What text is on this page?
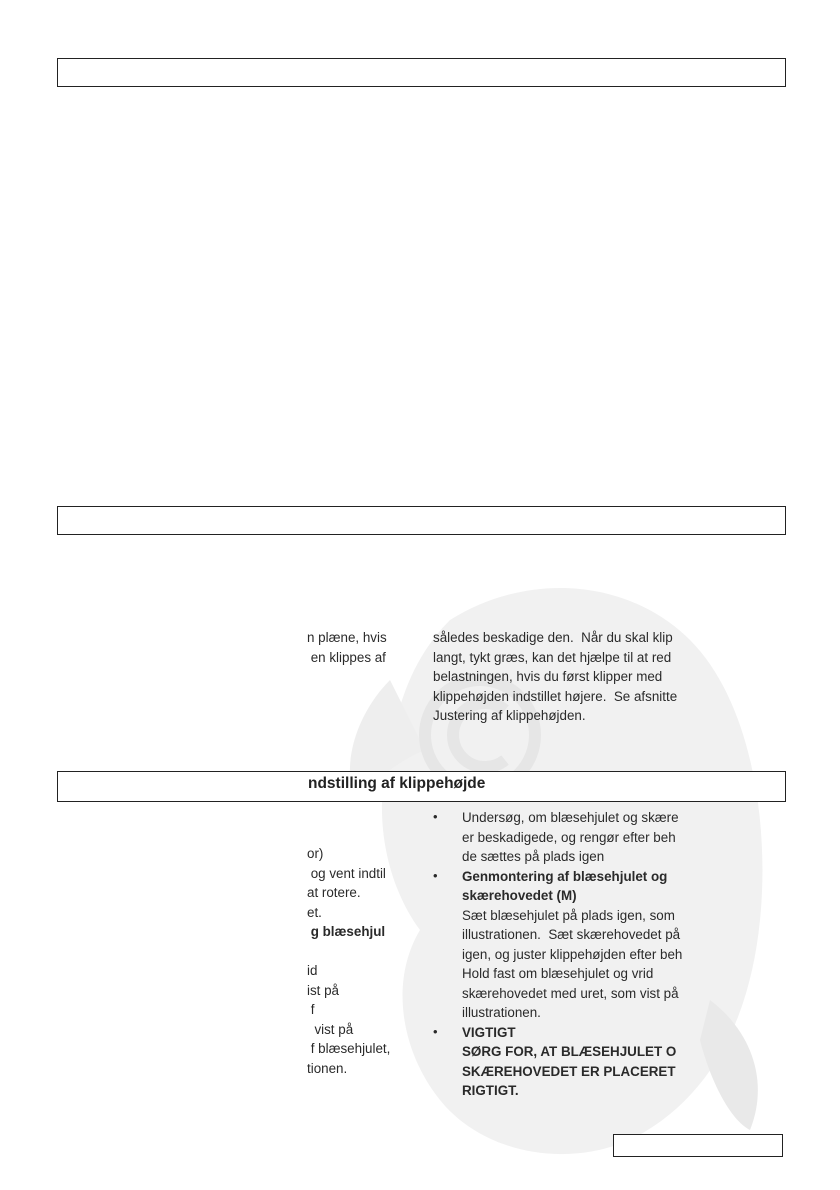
n plæne, hvis
en klippes af
således beskadige den.  Når du skal klip
langt, tykt græs, kan det hjælpe til at red
belastningen, hvis du først klipper med
klippehøjden indstillet højere.  Se afsnitte
Justering af klippehøjden.
ndstilling af klippehøjde
or)
og vent indtil
at rotere.
et.
g blæsehjul
id
ist på
f
vist på
f blæsehjulet,
tionen.
• Undersøg, om blæsehjulet og skære
er beskadigede, og rengør efter beh
de sættes på plads igen
• Genmontering af blæsehjulet og
skærehovedet (M)
Sæt blæsehjulet på plads igen, som
illustrationen.  Sæt skærehovedet på
igen, og juster klippehøjden efter beh
Hold fast om blæsehjulet og vrid
skærehovedet med uret, som vist på
illustrationen.
• VIGTIGT
SØRG FOR, AT BLÆSEHJULET O
SKÆREHOVEDET ER PLACERET
RIGTIGT.
